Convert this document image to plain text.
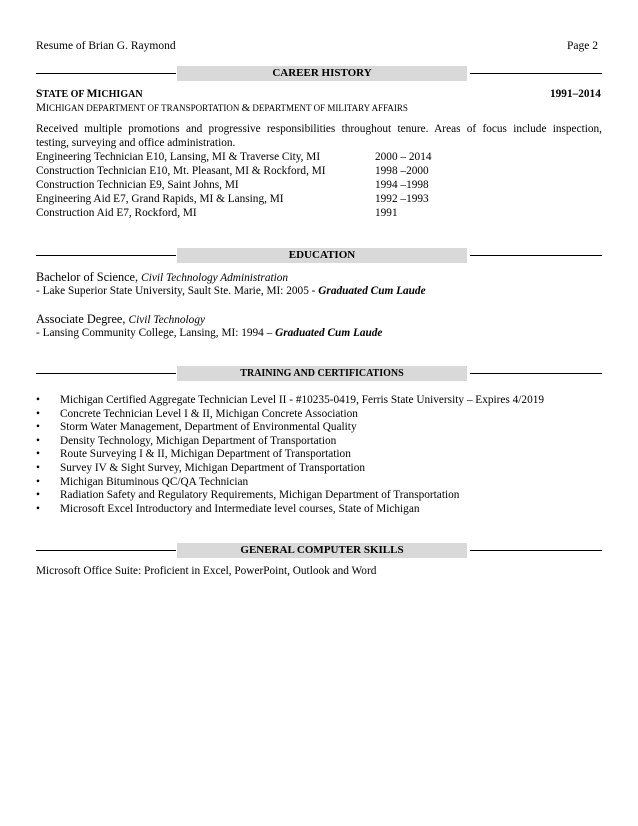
Resume of Brian G. Raymond	Page 2
CAREER HISTORY
STATE OF MICHIGAN	1991–2014
MICHIGAN DEPARTMENT OF TRANSPORTATION & DEPARTMENT OF MILITARY AFFAIRS
Received multiple promotions and progressive responsibilities throughout tenure. Areas of focus include inspection,
testing, surveying and office administration.
Engineering Technician E10, Lansing, MI & Traverse City, MI	2000 – 2014
Construction Technician E10, Mt. Pleasant, MI & Rockford, MI	1998 –2000
Construction Technician E9, Saint Johns, MI	1994 –1998
Engineering Aid E7, Grand Rapids, MI & Lansing, MI	1992 –1993
Construction Aid E7, Rockford, MI	1991
EDUCATION
Bachelor of Science, Civil Technology Administration
- Lake Superior State University, Sault Ste. Marie, MI: 2005 - Graduated Cum Laude
Associate Degree, Civil Technology
- Lansing Community College, Lansing, MI: 1994 – Graduated Cum Laude
TRAINING AND CERTIFICATIONS
• Michigan Certified Aggregate Technician Level II - #10235-0419, Ferris State University – Expires 4/2019
• Concrete Technician Level I & II, Michigan Concrete Association
• Storm Water Management, Department of Environmental Quality
• Density Technology, Michigan Department of Transportation
• Route Surveying I & II, Michigan Department of Transportation
• Survey IV & Sight Survey, Michigan Department of Transportation
• Michigan Bituminous QC/QA Technician
• Radiation Safety and Regulatory Requirements, Michigan Department of Transportation
• Microsoft Excel Introductory and Intermediate level courses, State of Michigan
GENERAL COMPUTER SKILLS
Microsoft Office Suite: Proficient in Excel, PowerPoint, Outlook and Word
